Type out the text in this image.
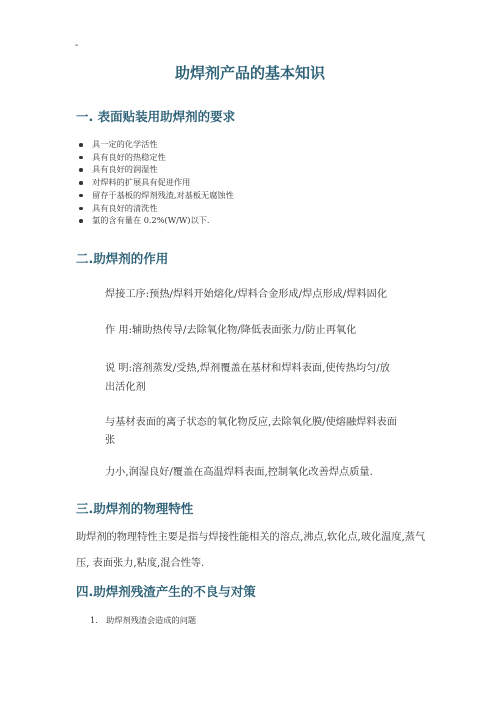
-
助焊剂产品的基本知识
一. 表面贴装用助焊剂的要求
具一定的化学活性
具有良好的热稳定性
具有良好的润湿性
对焊料的扩展具有促进作用
留存于基板的焊剂残渣,对基板无腐蚀性
具有良好的清洗性
氯的含有量在 0.2%(W/W)以下.
二.助焊剂的作用

焊接工序:预热/焊料开始熔化/焊料合金形成/焊点形成/焊料固化

作 用:辅助热传导/去除氧化物/降低表面张力/防止再氧化

说 明:溶剂蒸发/受热,焊剂覆盖在基材和焊料表面,使传热均匀/放

出活化剂

与基材表面的离子状态的氧化物反应,去除氧化膜/使熔融焊料表面

张

力小,润湿良好/覆盖在高温焊料表面,控制氧化改善焊点质量.

三.助焊剂的物理特性

助焊剂的物理特性主要是指与焊接性能相关的溶点,沸点,软化点,玻化温度,蒸气

压, 表面张力,粘度,混合性等.

四.助焊剂残渣产生的不良与对策
1. 助焊剂残渣会造成的问题
